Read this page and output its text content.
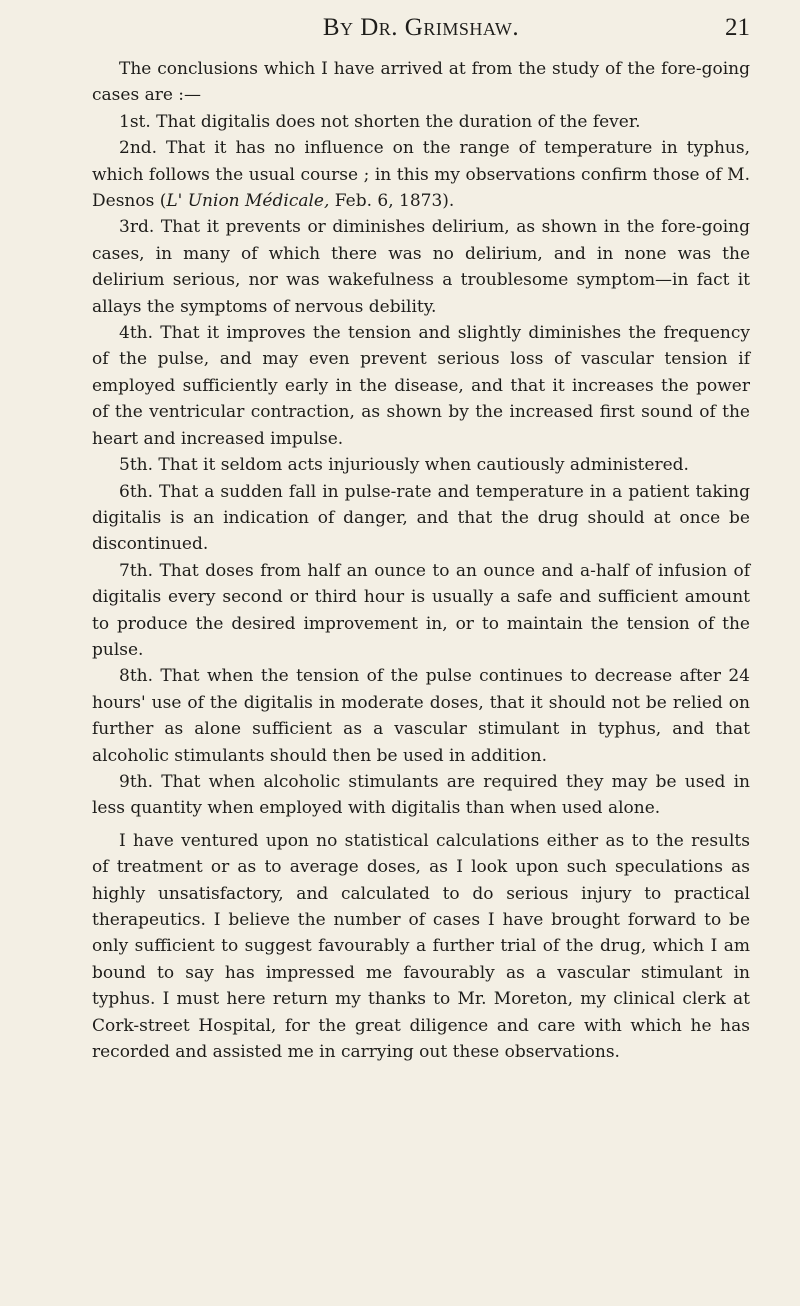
By Dr. Grimshaw.	21

The conclusions which I have arrived at from the study of the fore-going cases are :—

1st. That digitalis does not shorten the duration of the fever.

2nd. That it has no influence on the range of temperature in typhus, which follows the usual course ; in this my observations confirm those of M. Desnos (L' Union Médicale, Feb. 6, 1873).

3rd. That it prevents or diminishes delirium, as shown in the fore-going cases, in many of which there was no delirium, and in none was the delirium serious, nor was wakefulness a troublesome symptom—in fact it allays the symptoms of nervous debility.

4th. That it improves the tension and slightly diminishes the frequency of the pulse, and may even prevent serious loss of vascular tension if employed sufficiently early in the disease, and that it increases the power of the ventricular contraction, as shown by the increased first sound of the heart and increased impulse.

5th. That it seldom acts injuriously when cautiously administered.

6th. That a sudden fall in pulse-rate and temperature in a patient taking digitalis is an indication of danger, and that the drug should at once be discontinued.

7th. That doses from half an ounce to an ounce and a-half of infusion of digitalis every second or third hour is usually a safe and sufficient amount to produce the desired improvement in, or to maintain the tension of the pulse.

8th. That when the tension of the pulse continues to decrease after 24 hours' use of the digitalis in moderate doses, that it should not be relied on further as alone sufficient as a vascular stimulant in typhus, and that alcoholic stimulants should then be used in addition.

9th. That when alcoholic stimulants are required they may be used in less quantity when employed with digitalis than when used alone.

I have ventured upon no statistical calculations either as to the results of treatment or as to average doses, as I look upon such speculations as highly unsatisfactory, and calculated to do serious injury to practical therapeutics. I believe the number of cases I have brought forward to be only sufficient to suggest favourably a further trial of the drug, which I am bound to say has impressed me favourably as a vascular stimulant in typhus. I must here return my thanks to Mr. Moreton, my clinical clerk at Cork-street Hospital, for the great diligence and care with which he has recorded and assisted me in carrying out these observations.
